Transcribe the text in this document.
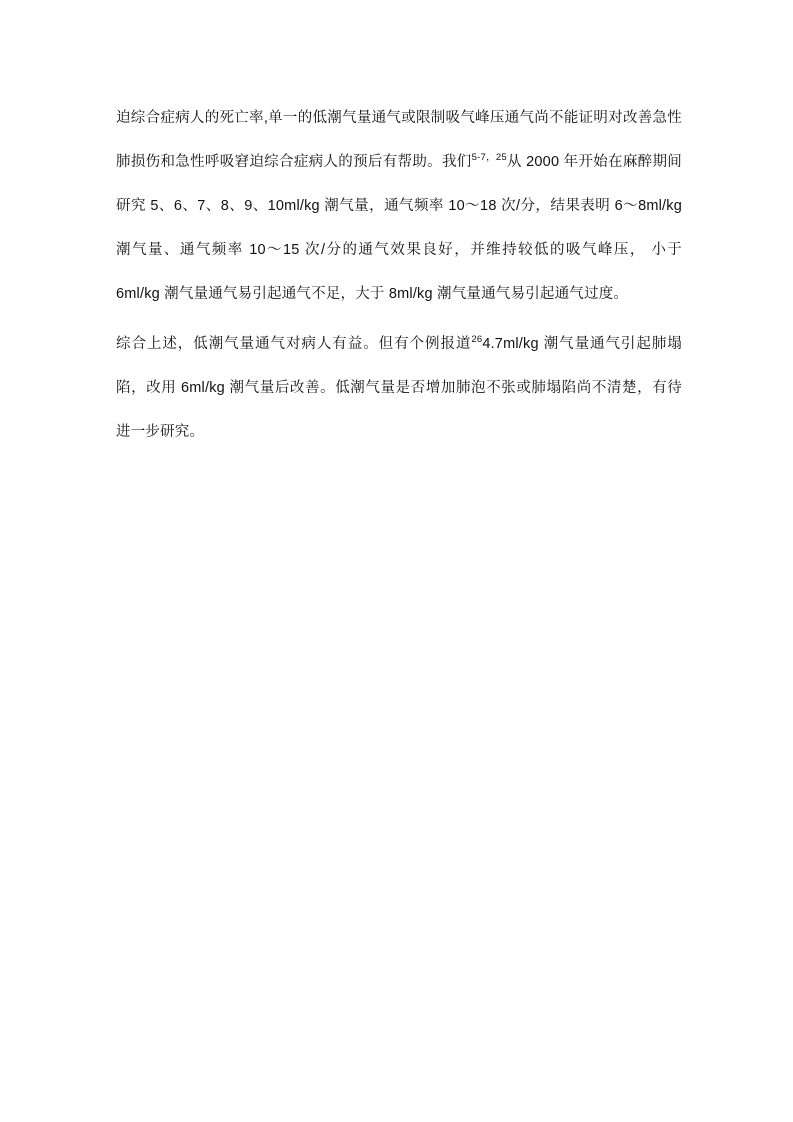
迫综合症病人的死亡率,单一的低潮气量通气或限制吸气峰压通气尚不能证明对改善急性肺损伤和急性呼吸窘迫综合症病人的预后有帮助。我们$^{5-7,25}$从 2000 年开始在麻醉期间研究 5、6、7、8、9、10ml/kg 潮气量，通气频率 10～18 次/分，结果表明 6～8ml/kg 潮气量、通气频率 10～15 次/分的通气效果良好，并维持较低的吸气峰压， 小于 6ml/kg 潮气量通气易引起通气不足，大于 8ml/kg 潮气量通气易引起通气过度。

综合上述，低潮气量通气对病人有益。但有个例报道$^{26}$4.7ml/kg 潮气量通气引起肺塌陷，改用 6ml/kg 潮气量后改善。低潮气量是否增加肺泡不张或肺塌陷尚不清楚，有待进一步研究。
